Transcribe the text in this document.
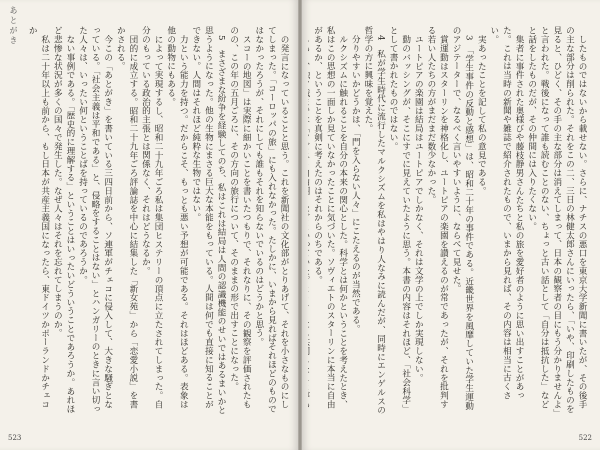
あとがき

の発言になっていることと思う。これを新聞社の文化部がとりあげて、それを小さなものにしてしまった。「コーロッパの旅」にも入れなかった。たしかに、いまから見ればそれほどのものではなかったろうが、それにしても誰もそれを知らないでいるのはどうかと思う。

スコーの地図」は実際に細かいことを書いたつもりで、それなりに、その観察を評価されたものの、この年の五月ごろに、その方向の旅行について、そのままの形で出すことになった。

5　まさざまな紛争を経験してのち、私はこれは結局は人間の認識機能のせいではあるまいかと思うようになった。他の生物にまさる巨大な本能をもっている。人間は何でも直接に知ることができない。人間はそれほど純粋な生物ではない。

力という能力を持つ。だからこそ、もっとも悪い予想が可能である。それはほどある。表象は他の動物にもある。

によって実現するし、昭和二十九年ごろ私は集団ヒステリーの頂点に立たされてしまった。自分のもっている政治的主張とは関係なく、それはどうなるか。

団的に成立する。昭和二十九年ごろ評論誌を中心に結集した「新女苑」から「恋愛小説」を書かされる。

今この「あとがき」を書いている三四日前から、ソ連軍がチェコに侵入して、大きな騒ぎとなっている。「社会主義は平和である」と、侵略をすることはない」とハンガリーのときに言い切った人々は、いったい何ということばを持っているのであろうか。

ない事例である。「歴史的に理解する」ということはいったいどういうことであろうか。あれほど悲惨な状況が多くの国々で発生した。なぜ人々はそれを忘れてしまうのか。

私は二十年以上も前から、もし日本が共産主義国になったら、東ドイツかポーランドかチェコか

523

したものではないから載せない。さらに、ナチスの悪口を東京大学新聞に書いたが、その後手の主な部分は削られた。それをこの二、三日の林健太郎さんにいったら、「いや、印刷したものを見ると、ひどく、その手の主な部分は消えてしまって、日本の観察者の目にもう分かりませんよ」と言われた。戦後になって誰も読むことのない、ちょっと古い話として「自分は抵抗した」などと話をしたものだが、その仲間には入りたくない。

集者に事件された奥様びや藤枝静男さんたちと私の旅を愛好者のように思い出すことがあった。これは当時の新聞や雑誌で紹介されたもので、いまから見れば、その内容は相当に古くさい。

実あったことを記して私の意見である。

3　「学生事件の反動と感想」は、昭和二十年の事件である。近畿世界を風靡していた学生運動のアジテーターで、なるべく言いやすいように、ならべて見せた。

賞運動はスターリンを神格化し、ユートピアの楽園を讃えるのが常であったが、それを批判する若い人たちの方がまだまだ数少なかった。

ユートピアの楽園は結局はユートピアでしかなく、それは文学の上でしか実現しない。

動のバッシングが、そこにすでに見えていたように思う。本書の内容はそれほど、「社会科学」として書かれたものではない。

4　私が学生時代に流行したマルクシズムを私はやはり人なみに読んだが、同時にエンゲルスの哲学の方に興味を覚えた。

分りやすいかどうかは、「門を入らない人々」にこたえるのが当然である。

ルクシズムに触れることを自分の本来の関心とした。科学とは何かということを考えたとき、私はこの思想の一面しか見ていなかったことに気づいた。ソヴィエトのスターリンに本当に自由があるか、ということを真剣に考えたのはそれからのちである。

522
